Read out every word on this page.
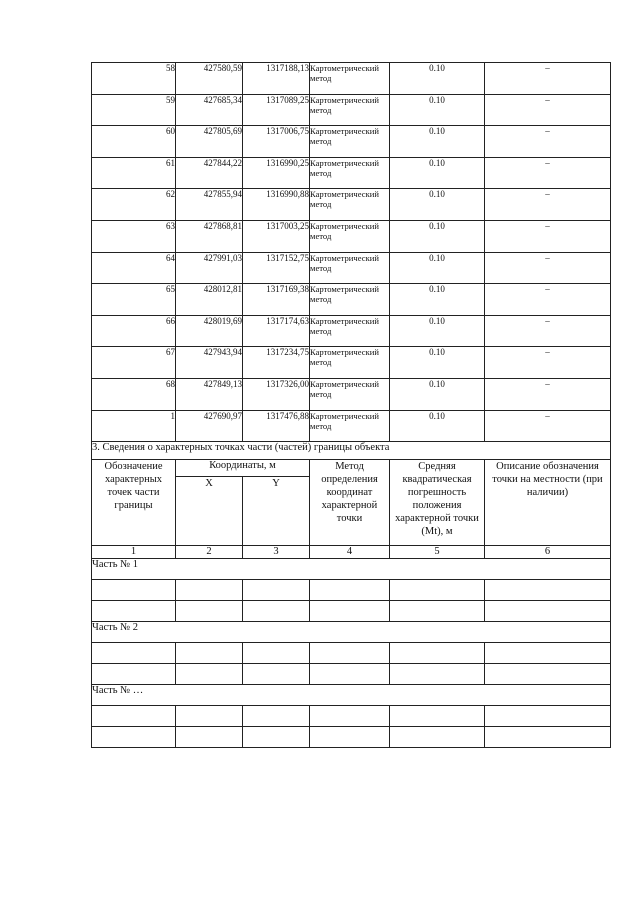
58	427580,59	1317188,13	Картометрический метод	0.10	–
59	427685,34	1317089,25	Картометрический метод	0.10	–
60	427805,69	1317006,75	Картометрический метод	0.10	–
61	427844,22	1316990,25	Картометрический метод	0.10	–
62	427855,94	1316990,88	Картометрический метод	0.10	–
63	427868,81	1317003,25	Картометрический метод	0.10	–
64	427991,03	1317152,75	Картометрический метод	0.10	–
65	428012,81	1317169,38	Картометрический метод	0.10	–
66	428019,69	1317174,63	Картометрический метод	0.10	–
67	427943,94	1317234,75	Картометрический метод	0.10	–
68	427849,13	1317326,00	Картометрический метод	0.10	–
1	427690,97	1317476,88	Картометрический метод	0.10	–
3. Сведения о характерных точках части (частей) границы объекта					
Обозначение характерных точек части границы	Координаты, м		Метод определения координат характерной точки	Средняя квадратическая погрешность положения характерной точки (Mt), м	Описание обозначения точки на местности (при наличии)
	X	Y			
1	2	3	4	5	6
Часть № 1					

Часть № 2					

Часть № …					
